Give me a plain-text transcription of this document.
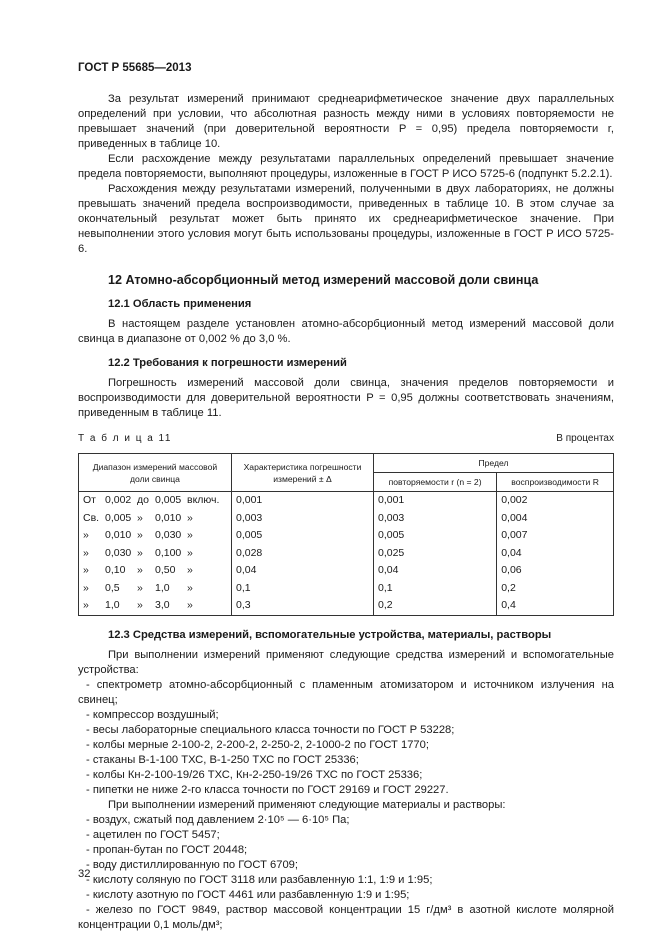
ГОСТ Р 55685—2013

За результат измерений принимают среднеарифметическое значение двух параллельных определений при условии, что абсолютная разность между ними в условиях повторяемости не превышает значений (при доверительной вероятности P = 0,95) предела повторяемости r, приведенных в таблице 10.

Если расхождение между результатами параллельных определений превышает значение предела повторяемости, выполняют процедуры, изложенные в ГОСТ Р ИСО 5725-6 (подпункт 5.2.2.1).

Расхождения между результатами измерений, полученными в двух лабораториях, не должны превышать значений предела воспроизводимости, приведенных в таблице 10. В этом случае за окончательный результат может быть принято их среднеарифметическое значение. При невыполнении этого условия могут быть использованы процедуры, изложенные в ГОСТ Р ИСО 5725-6.

12 Атомно-абсорбционный метод измерений массовой доли свинца
12.1 Область применения

В настоящем разделе установлен атомно-абсорбционный метод измерений массовой доли свинца в диапазоне от 0,002 % до 3,0 %.

12.2 Требования к погрешности измерений

Погрешность измерений массовой доли свинца, значения пределов повторяемости и воспроизводимости для доверительной вероятности P = 0,95 должны соответствовать значениям, приведенным в таблице 11.

Т а б л и ц а 11	В процентах
Диапазон измерений массовой доли свинца	Характеристика погрешности измерений ± Δ	Предел	
		повторяемости r (n = 2)	воспроизводимости R

От 0,002 до 0,005 включ.	0,001	0,001	0,002

Св. 0,005 » 0,010 »	0,003	0,003	0,004

» 0,010 » 0,030 »	0,005	0,005	0,007

» 0,030 » 0,100 »	0,028	0,025	0,04

» 0,10 » 0,50 »	0,04	0,04	0,06

» 0,5 » 1,0 »	0,1	0,1	0,2

» 1,0 » 3,0 »	0,3	0,2	0,4
12.3 Средства измерений, вспомогательные устройства, материалы, растворы

При выполнении измерений применяют следующие средства измерений и вспомогательные устройства:

- спектрометр атомно-абсорбционный с пламенным атомизатором и источником излучения на свинец;

- компрессор воздушный;

- весы лабораторные специального класса точности по ГОСТ Р 53228;

- колбы мерные 2-100-2, 2-200-2, 2-250-2, 2-1000-2 по ГОСТ 1770;

- стаканы В-1-100 ТХС, В-1-250 ТХС по ГОСТ 25336;

- колбы Кн-2-100-19/26 ТХС, Кн-2-250-19/26 ТХС по ГОСТ 25336;

- пипетки не ниже 2-го класса точности по ГОСТ 29169 и ГОСТ 29227.

При выполнении измерений применяют следующие материалы и растворы:

- воздух, сжатый под давлением 2·10⁵ — 6·10⁵ Па;

- ацетилен по ГОСТ 5457;

- пропан-бутан по ГОСТ 20448;

- воду дистиллированную по ГОСТ 6709;

- кислоту соляную по ГОСТ 3118 или разбавленную 1:1, 1:9 и 1:95;

- кислоту азотную по ГОСТ 4461 или разбавленную 1:9 и 1:95;

- железо по ГОСТ 9849, раствор массовой концентрации 15 г/дм³ в азотной кислоте молярной концентрации 0,1 моль/дм³;

32
